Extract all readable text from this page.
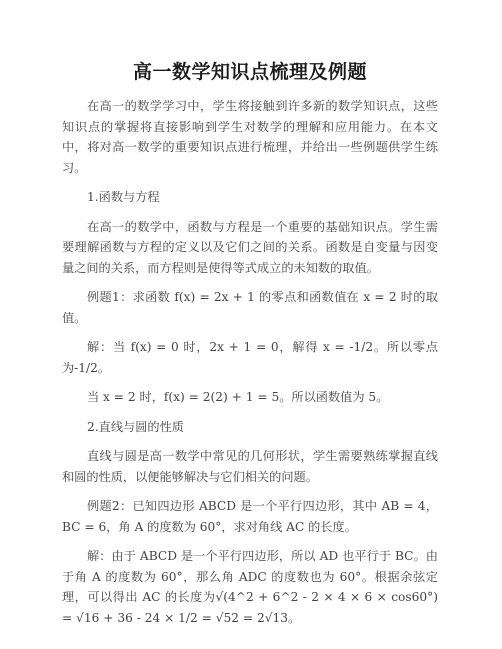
高一数学知识点梳理及例题

在高一的数学学习中，学生将接触到许多新的数学知识点，这些知识点的掌握将直接影响到学生对数学的理解和应用能力。在本文中，将对高一数学的重要知识点进行梳理，并给出一些例题供学生练习。

1.函数与方程

在高一的数学中，函数与方程是一个重要的基础知识点。学生需要理解函数与方程的定义以及它们之间的关系。函数是自变量与因变量之间的关系，而方程则是使得等式成立的未知数的取值。

例题1：求函数 f(x) = 2x + 1 的零点和函数值在 x = 2 时的取值。

解：当 f(x) = 0 时，2x + 1 = 0，解得 x = -1/2。所以零点为-1/2。

当 x = 2 时，f(x) = 2(2) + 1 = 5。所以函数值为 5。

2.直线与圆的性质

直线与圆是高一数学中常见的几何形状，学生需要熟练掌握直线和圆的性质，以便能够解决与它们相关的问题。

例题2：已知四边形 ABCD 是一个平行四边形，其中 AB = 4，BC = 6，角 A 的度数为 60°，求对角线 AC 的长度。

解：由于 ABCD 是一个平行四边形，所以 AD 也平行于 BC。由于角 A 的度数为 60°，那么角 ADC 的度数也为 60°。根据余弦定理，可以得出 AC 的长度为√(4^2 + 6^2 - 2 × 4 × 6 × cos60°) = √16 + 36 - 24 × 1/2 = √52 = 2√13。
